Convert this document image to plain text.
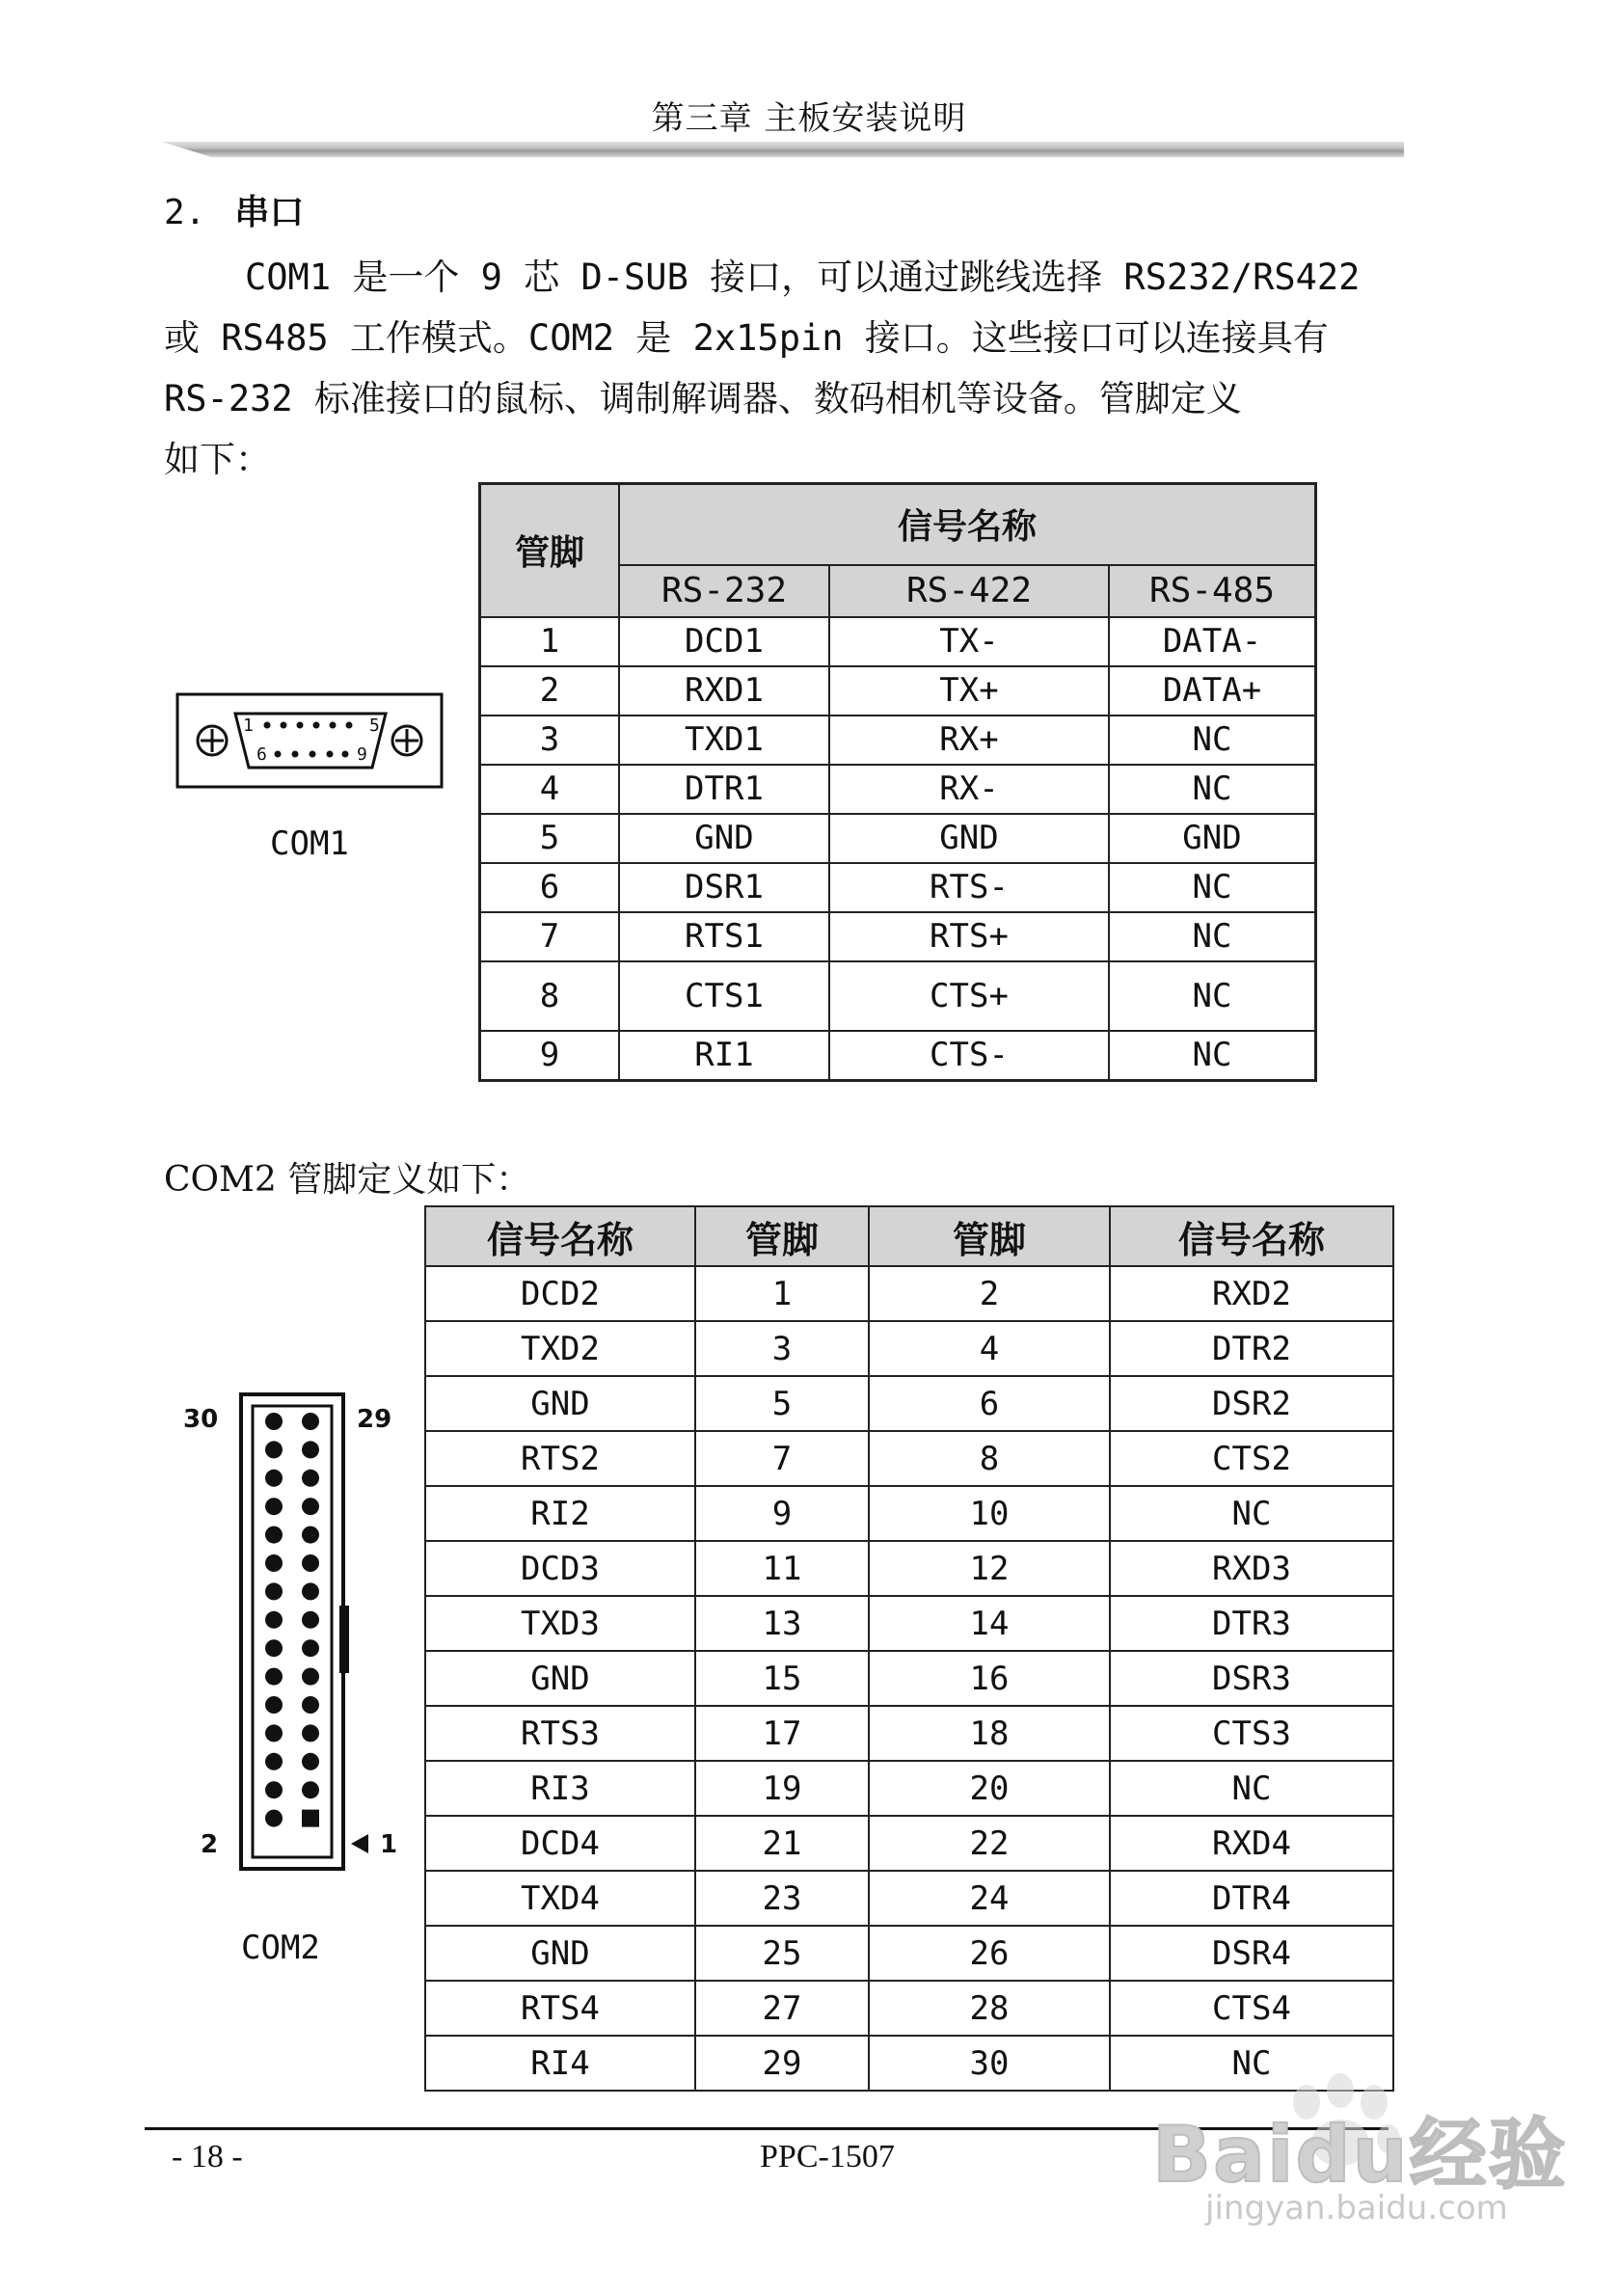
第三章 主板安装说明
2. 串口
COM1 是一个 9 芯 D-SUB 接口，可以通过跳线选择 RS232/RS422
或 RS485 工作模式。COM2 是 2x15pin 接口。这些接口可以连接具有
RS-232 标准接口的鼠标、调制解调器、数码相机等设备。管脚定义
如下：
1	5
6	9
COM1
管脚	信号名称		
	RS-232	RS-422	RS-485
1	DCD1	TX-	DATA-
2	RXD1	TX+	DATA+
3	TXD1	RX+	NC
4	DTR1	RX-	NC
5	GND	GND	GND
6	DSR1	RTS-	NC
7	RTS1	RTS+	NC
8	CTS1	CTS+	NC
9	RI1	CTS-	NC
COM2 管脚定义如下：
30	29
2	1
COM2
信号名称	管脚	管脚	信号名称
DCD2	1	2	RXD2
TXD2	3	4	DTR2
GND	5	6	DSR2
RTS2	7	8	CTS2
RI2	9	10	NC
DCD3	11	12	RXD3
TXD3	13	14	DTR3
GND	15	16	DSR3
RTS3	17	18	CTS3
RI3	19	20	NC
DCD4	21	22	RXD4
TXD4	23	24	DTR4
GND	25	26	DSR4
RTS4	27	28	CTS4
RI4	29	30	NC
- 18 -	PPC-1507	Baidu经验
jingyan.baidu.com
